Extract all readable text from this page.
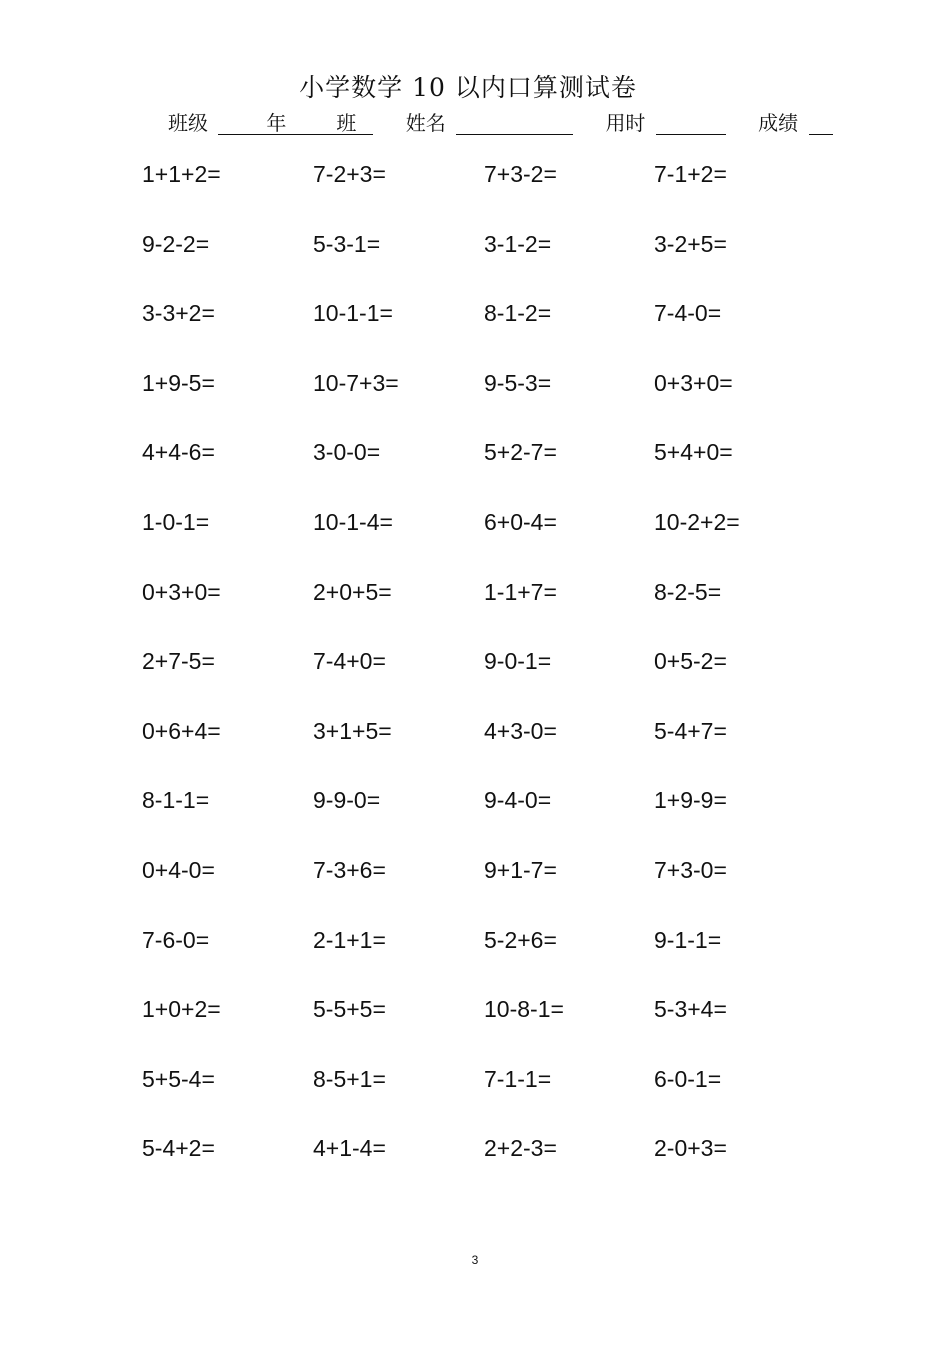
小学数学 10 以内口算测试卷
班级	年	班 姓名	用时	成绩
1+1+2=	7-2+3=	7+3-2=	7-1+2=
9-2-2=	5-3-1=	3-1-2=	3-2+5=
3-3+2=	10-1-1=	8-1-2=	7-4-0=
1+9-5=	10-7+3=	9-5-3=	0+3+0=
4+4-6=	3-0-0=	5+2-7=	5+4+0=
1-0-1=	10-1-4=	6+0-4=	10-2+2=
0+3+0=	2+0+5=	1-1+7=	8-2-5=
2+7-5=	7-4+0=	9-0-1=	0+5-2=
0+6+4=	3+1+5=	4+3-0=	5-4+7=
8-1-1=	9-9-0=	9-4-0=	1+9-9=
0+4-0=	7-3+6=	9+1-7=	7+3-0=
7-6-0=	2-1+1=	5-2+6=	9-1-1=
1+0+2=	5-5+5=	10-8-1=	5-3+4=
5+5-4=	8-5+1=	7-1-1=	6-0-1=
5-4+2=	4+1-4=	2+2-3=	2-0+3=
3
